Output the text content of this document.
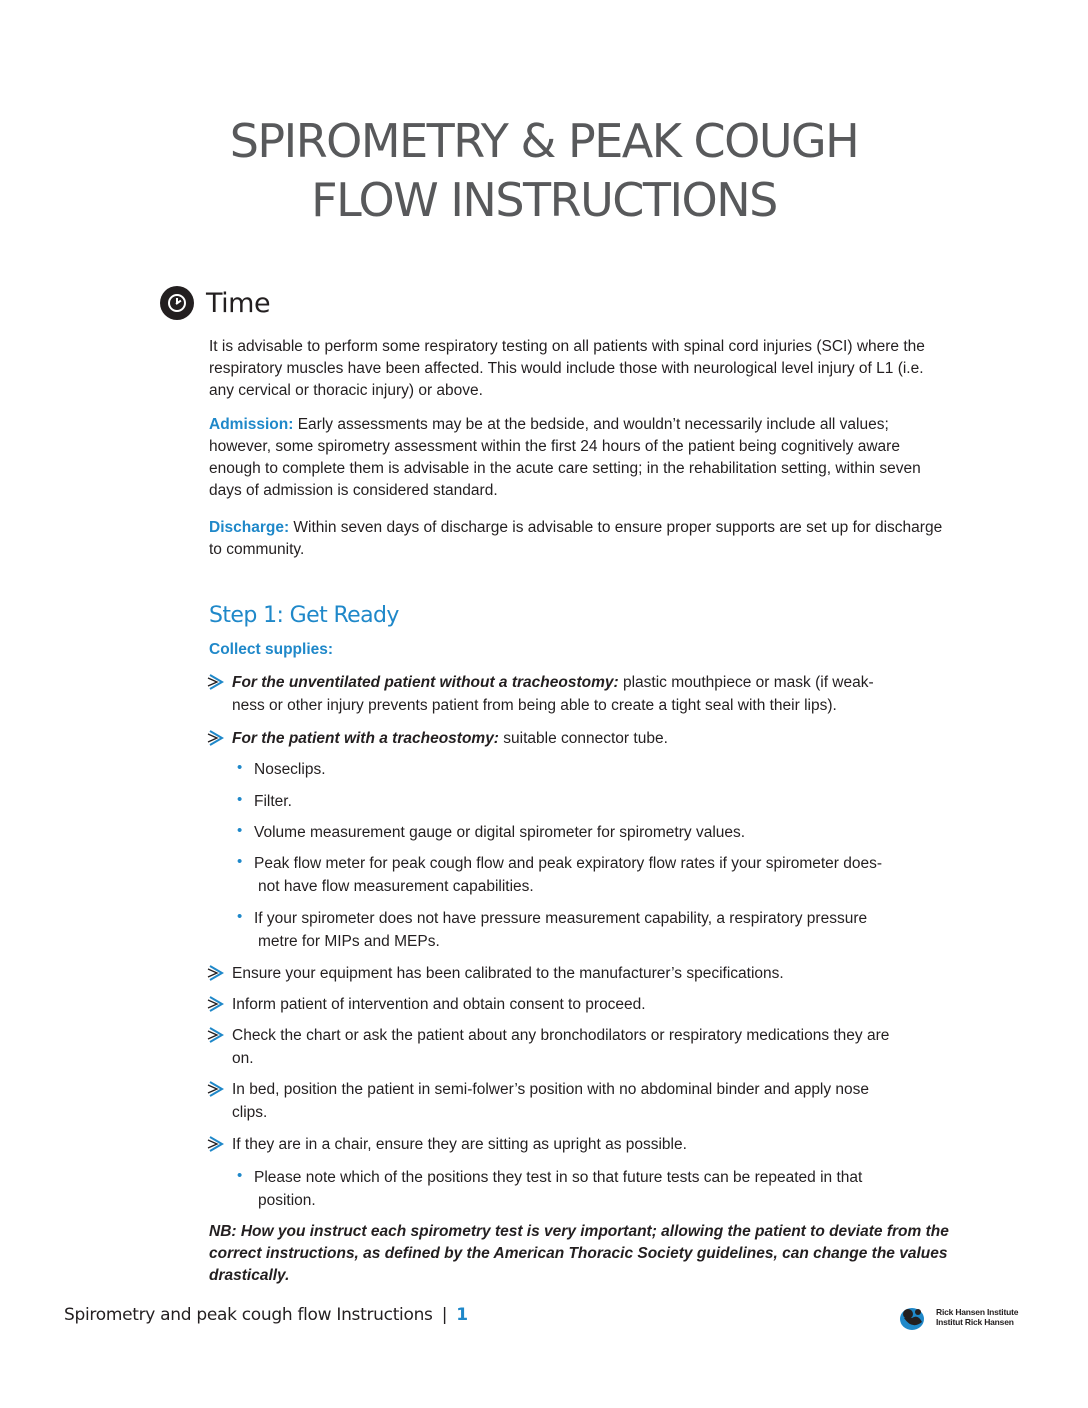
SPIROMETRY & PEAK COUGH
FLOW INSTRUCTIONS
Time

It is advisable to perform some respiratory testing on all patients with spinal cord injuries (SCI) where the respiratory muscles have been affected. This would include those with neurological level injury of L1 (i.e. any cervical or thoracic injury) or above.

Admission: Early assessments may be at the bedside, and wouldn’t necessarily include all values; however, some spirometry assessment within the first 24 hours of the patient being cognitively aware enough to complete them is advisable in the acute care setting; in the rehabilitation setting, within seven days of admission is considered standard.

Discharge: Within seven days of discharge is advisable to ensure proper supports are set up for discharge to community.

Step 1: Get Ready
Collect supplies:
For the unventilated patient without a tracheostomy: plastic mouthpiece or mask (if weak-
ness or other injury prevents patient from being able to create a tight seal with their lips).
For the patient with a tracheostomy: suitable connector tube.
• Noseclips.
• Filter.
• Volume measurement gauge or digital spirometer for spirometry values.
• Peak flow meter for peak cough flow and peak expiratory flow rates if your spirometer does-
not have flow measurement capabilities.
• If your spirometer does not have pressure measurement capability, a respiratory pressure
metre for MIPs and MEPs.
Ensure your equipment has been calibrated to the manufacturer’s specifications.
Inform patient of intervention and obtain consent to proceed.
Check the chart or ask the patient about any bronchodilators or respiratory medications they are
on.
In bed, position the patient in semi-folwer’s position with no abdominal binder and apply nose
clips.
If they are in a chair, ensure they are sitting as upright as possible.
• Please note which of the positions they test in so that future tests can be repeated in that
position.
NB: How you instruct each spirometry test is very important; allowing the patient to deviate from the correct instructions, as defined by the American Thoracic Society guidelines, can change the values drastically.
Spirometry and peak cough flow Instructions | 1	Rick Hansen Institute
Institut Rick Hansen
